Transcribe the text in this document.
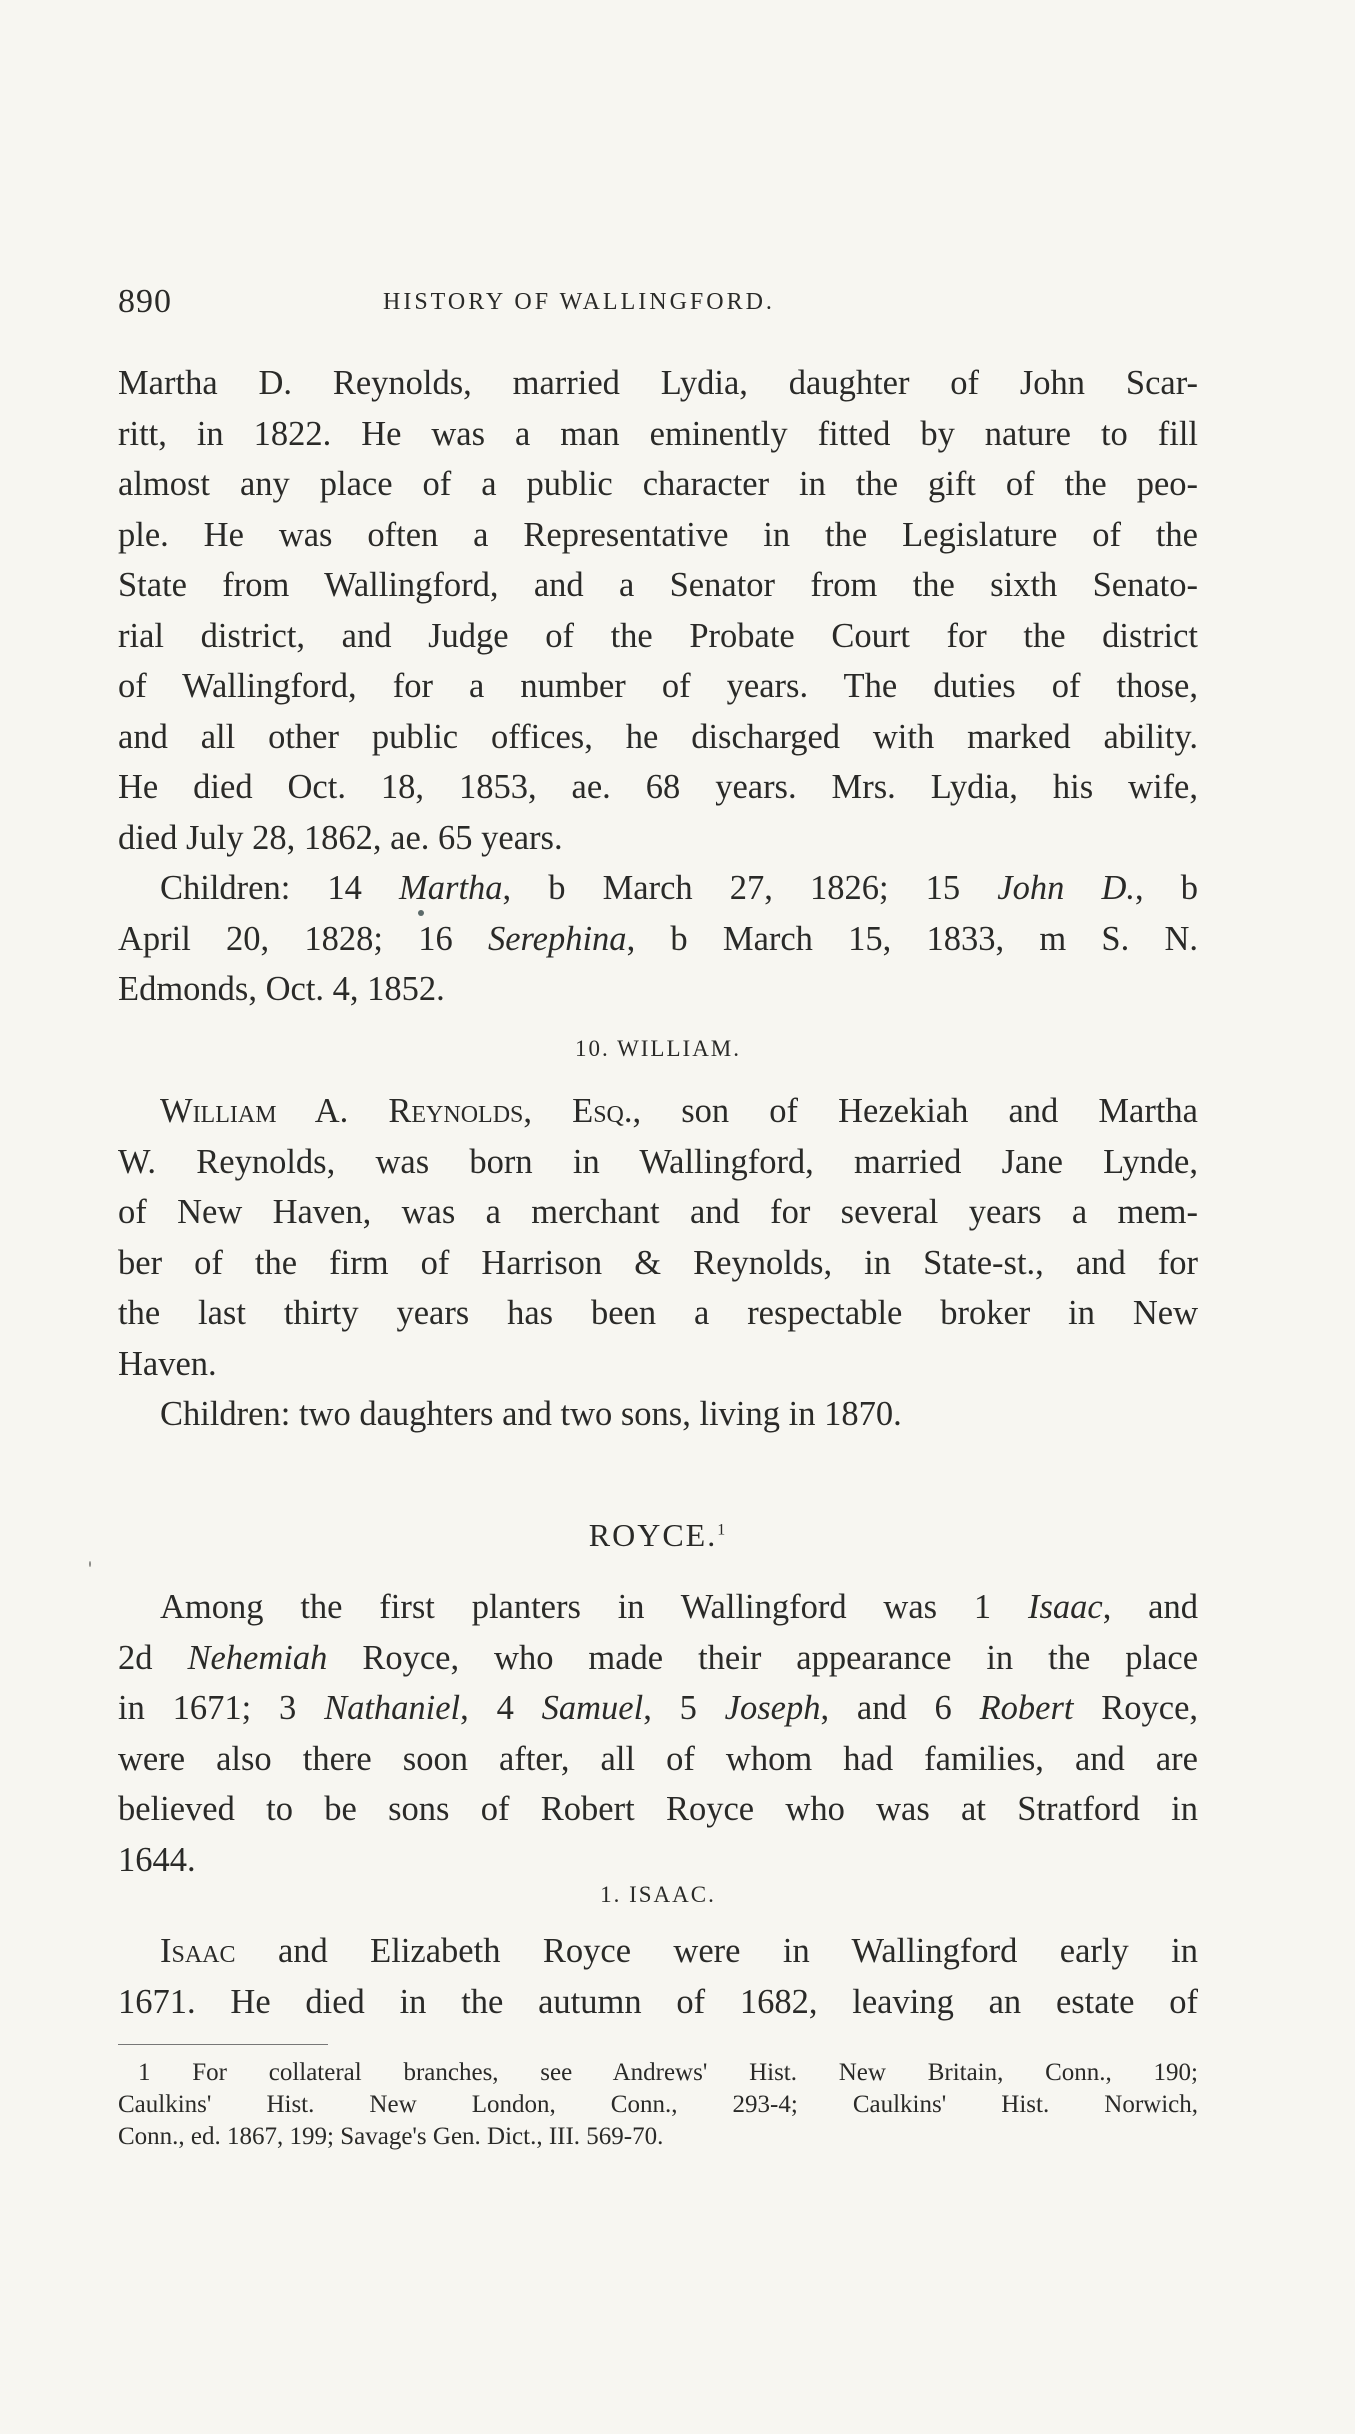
890	HISTORY OF WALLINGFORD.
Martha D. Reynolds, married Lydia, daughter of John Scar-
ritt, in 1822. He was a man eminently fitted by nature to fill
almost any place of a public character in the gift of the peo-
ple. He was often a Representative in the Legislature of the
State from Wallingford, and a Senator from the sixth Senato-
rial district, and Judge of the Probate Court for the district
of Wallingford, for a number of years. The duties of those,
and all other public offices, he discharged with marked ability.
He died Oct. 18, 1853, ae. 68 years. Mrs. Lydia, his wife,
died July 28, 1862, ae. 65 years.
Children: 14 Martha, b March 27, 1826; 15 John D., b
April 20, 1828; 16 Serephina, b March 15, 1833, m S. N.
Edmonds, Oct. 4, 1852.
10. WILLIAM.
William A. Reynolds, Esq., son of Hezekiah and Martha
W. Reynolds, was born in Wallingford, married Jane Lynde,
of New Haven, was a merchant and for several years a mem-
ber of the firm of Harrison & Reynolds, in State-st., and for
the last thirty years has been a respectable broker in New
Haven.
Children: two daughters and two sons, living in 1870.
ROYCE.$^1$
Among the first planters in Wallingford was 1 Isaac, and
2d Nehemiah Royce, who made their appearance in the place
in 1671; 3 Nathaniel, 4 Samuel, 5 Joseph, and 6 Robert Royce,
were also there soon after, all of whom had families, and are
believed to be sons of Robert Royce who was at Stratford in
1644.
1. ISAAC.
Isaac and Elizabeth Royce were in Wallingford early in
1671. He died in the autumn of 1682, leaving an estate of
1 For collateral branches, see Andrews' Hist. New Britain, Conn., 190;
Caulkins' Hist. New London, Conn., 293-4; Caulkins' Hist. Norwich,
Conn., ed. 1867, 199; Savage's Gen. Dict., III. 569-70.
